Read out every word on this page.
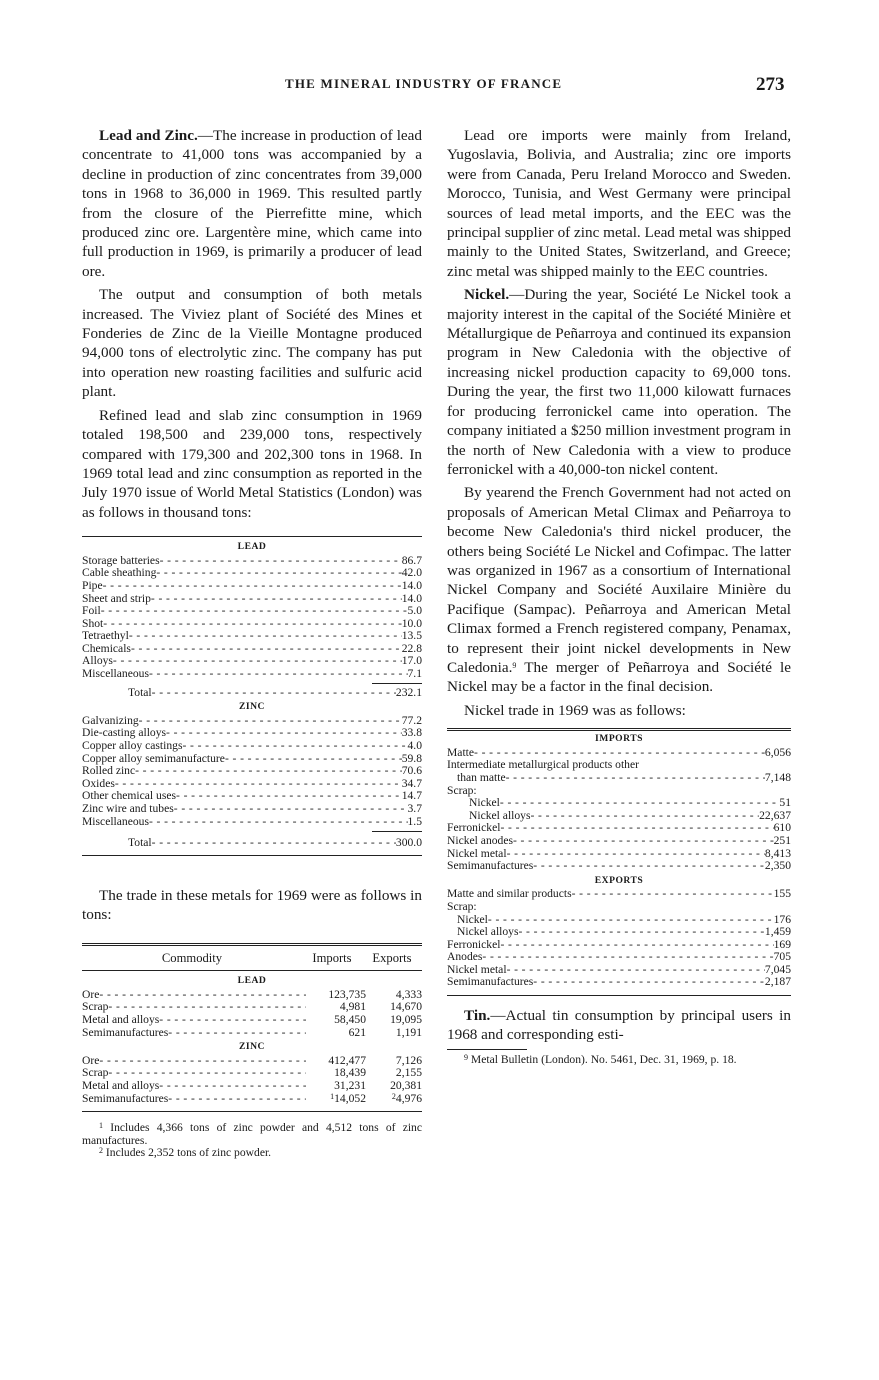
THE MINERAL INDUSTRY OF FRANCE	273

Lead and Zinc.—The increase in production of lead concentrate to 41,000 tons was accompanied by a decline in production of zinc concentrates from 39,000 tons in 1968 to 36,000 in 1969. This resulted partly from the closure of the Pierrefitte mine, which produced zinc ore. Largentère mine, which came into full production in 1969, is primarily a producer of lead ore.

The output and consumption of both metals increased. The Viviez plant of Société des Mines et Fonderies de Zinc de la Vieille Montagne produced 94,000 tons of electrolytic zinc. The company has put into operation new roasting facilities and sulfuric acid plant.

Refined lead and slab zinc consumption in 1969 totaled 198,500 and 239,000 tons, respectively compared with 179,300 and 202,300 tons in 1968. In 1969 total lead and zinc consumption as reported in the July 1970 issue of World Metal Statistics (London) was as follows in thousand tons:

LEAD
Storage batteries - - -	86.7
Cable sheathing - - -	42.0
Pipe - - -	14.0
Sheet and strip - - -	14.0
Foil - - -	5.0
Shot - - -	10.0
Tetraethyl - - -	13.5
Chemicals - - -	22.8
Alloys - - -	17.0
Miscellaneous - - -	7.1
Total - - -	232.1
ZINC
Galvanizing - - -	77.2
Die-casting alloys - - -	33.8
Copper alloy castings - - -	4.0
Copper alloy semimanufacture - - -	59.8
Rolled zinc - - -	70.6
Oxides - - -	34.7
Other chemical uses - - -	14.7
Zinc wire and tubes - - -	3.7
Miscellaneous - - -	1.5
Total - - -	300.0

The trade in these metals for 1969 were as follows in tons:

Commodity	Imports	Exports
LEAD
Ore - - -	123,735	4,333
Scrap - - -	4,981	14,670
Metal and alloys - - -	58,450	19,095
Semimanufactures - - -	621	1,191
ZINC
Ore - - -	412,477	7,126
Scrap - - -	18,439	2,155
Metal and alloys - - -	31,231	20,381
Semimanufactures - - -	$^1$14,052	$^2$4,976

$^1$ Includes 4,366 tons of zinc powder and 4,512 tons of zinc manufactures.

$^2$ Includes 2,352 tons of zinc powder.

Lead ore imports were mainly from Ireland, Yugoslavia, Bolivia, and Australia; zinc ore imports were from Canada, Peru Ireland Morocco and Sweden. Morocco, Tunisia, and West Germany were principal sources of lead metal imports, and the EEC was the principal supplier of zinc metal. Lead metal was shipped mainly to the United States, Switzerland, and Greece; zinc metal was shipped mainly to the EEC countries.

Nickel.—During the year, Société Le Nickel took a majority interest in the capital of the Société Minière et Métallurgique de Peñarroya and continued its expansion program in New Caledonia with the objective of increasing nickel production capacity to 69,000 tons. During the year, the first two 11,000 kilowatt furnaces for producing ferronickel came into operation. The company initiated a $250 million investment program in the north of New Caledonia with a view to produce ferronickel with a 40,000-ton nickel content.

By yearend the French Government had not acted on proposals of American Metal Climax and Peñarroya to become New Caledonia's third nickel producer, the others being Société Le Nickel and Cofimpac. The latter was organized in 1967 as a consortium of International Nickel Company and Société Auxilaire Minière du Pacifique (Sampac). Peñarroya and American Metal Climax formed a French registered company, Penamax, to represent their joint nickel developments in New Caledonia.$^9$ The merger of Peñarroya and Société le Nickel may be a factor in the final decision.

Nickel trade in 1969 was as follows:

IMPORTS
Matte - - -	6,056
Intermediate metallurgical products other
than matte - - -	7,148
Scrap:
Nickel - - -	51
Nickel alloys - - -	22,637
Ferronickel - - -	610
Nickel anodes - - -	251
Nickel metal - - -	8,413
Semimanufactures - - -	2,350
EXPORTS
Matte and similar products - - -	155
Scrap:
Nickel - - -	176
Nickel alloys - - -	1,459
Ferronickel - - -	169
Anodes - - -	705
Nickel metal - - -	7,045
Semimanufactures - - -	2,187

Tin.—Actual tin consumption by principal users in 1968 and corresponding esti-

$^9$ Metal Bulletin (London). No. 5461, Dec. 31, 1969, p. 18.
